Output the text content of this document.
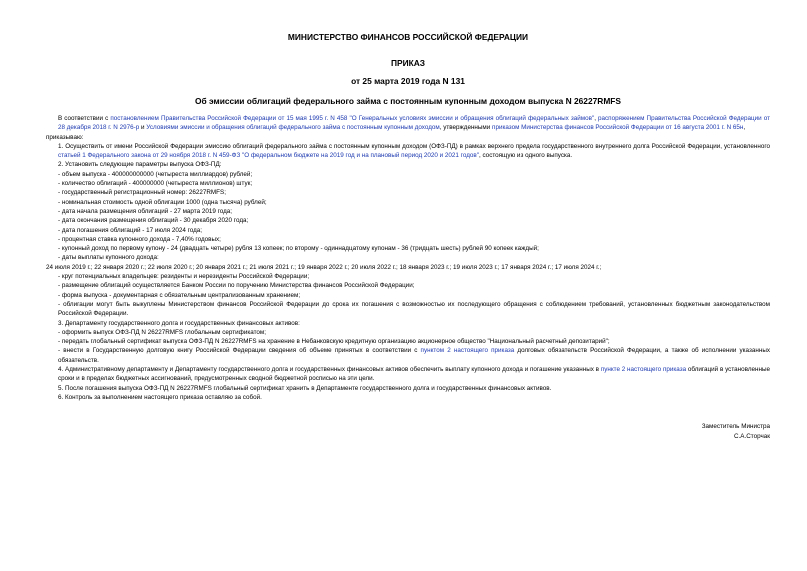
МИНИСТЕРСТВО ФИНАНСОВ РОССИЙСКОЙ ФЕДЕРАЦИИ
ПРИКАЗ
от 25 марта 2019 года N 131
Об эмиссии облигаций федерального займа с постоянным купонным доходом выпуска N 26227RMFS

В соответствии с постановлением Правительства Российской Федерации от 15 мая 1995 г. N 458 "О Генеральных условиях эмиссии и обращения облигаций федеральных займов", распоряжением Правительства Российской Федерации от 28 декабря 2018 г. N 2976-р и Условиями эмиссии и обращения облигаций федерального займа с постоянным купонным доходом, утвержденными приказом Министерства финансов Российской Федерации от 16 августа 2001 г. N 65н,

приказываю:

1. Осуществить от имени Российской Федерации эмиссию облигаций федерального займа с постоянным купонным доходом (ОФЗ-ПД) в рамках верхнего предела государственного внутреннего долга Российской Федерации, установленного статьей 1 Федерального закона от 29 ноября 2018 г. N 459-ФЗ "О федеральном бюджете на 2019 год и на плановый период 2020 и 2021 годов", состоящую из одного выпуска.

2. Установить следующие параметры выпуска ОФЗ-ПД:

- объем выпуска - 400000000000 (четыреста миллиардов) рублей;

- количество облигаций - 400000000 (четыреста миллионов) штук;

- государственный регистрационный номер: 26227RMFS;

- номинальная стоимость одной облигации 1000 (одна тысяча) рублей;

- дата начала размещения облигаций - 27 марта 2019 года;

- дата окончания размещения облигаций - 30 декабря 2020 года;

- дата погашения облигаций - 17 июля 2024 года;

- процентная ставка купонного дохода - 7,40% годовых;

- купонный доход по первому купону - 24 (двадцать четыре) рубля 13 копеек; по второму - одиннадцатому купонам - 36 (тридцать шесть) рублей 90 копеек каждый;

- даты выплаты купонного дохода:

24 июля 2019 г.; 22 января 2020 г.; 22 июля 2020 г.; 20 января 2021 г.; 21 июля 2021 г.; 19 января 2022 г.; 20 июля 2022 г.; 18 января 2023 г.; 19 июля 2023 г.; 17 января 2024 г.; 17 июля 2024 г.;

- круг потенциальных владельцев: резиденты и нерезиденты Российской Федерации;

- размещение облигаций осуществляется Банком России по поручению Министерства финансов Российской Федерации;

- форма выпуска - документарная с обязательным централизованным хранением;

- облигации могут быть выкуплены Министерством финансов Российской Федерации до срока их погашения с возможностью их последующего обращения с соблюдением требований, установленных бюджетным законодательством Российской Федерации.

3. Департаменту государственного долга и государственных финансовых активов:

- оформить выпуск ОФЗ-ПД N 26227RMFS глобальным сертификатом;

- передать глобальный сертификат выпуска ОФЗ-ПД N 26227RMFS на хранение в Небанковскую кредитную организацию акционерное общество "Национальный расчетный депозитарий";

- внести в Государственную долговую книгу Российской Федерации сведения об объеме принятых в соответствии с пунктом 2 настоящего приказа долговых обязательств Российской Федерации, а также об исполнении указанных обязательств.

4. Административному департаменту и Департаменту государственного долга и государственных финансовых активов обеспечить выплату купонного дохода и погашение указанных в пункте 2 настоящего приказа облигаций в установленные сроки и в пределах бюджетных ассигнований, предусмотренных сводной бюджетной росписью на эти цели.

5. После погашения выпуска ОФЗ-ПД N 26227RMFS глобальный сертификат хранить в Департаменте государственного долга и государственных финансовых активов.

6. Контроль за выполнением настоящего приказа оставляю за собой.

Заместитель Министра
С.А.Сторчак
